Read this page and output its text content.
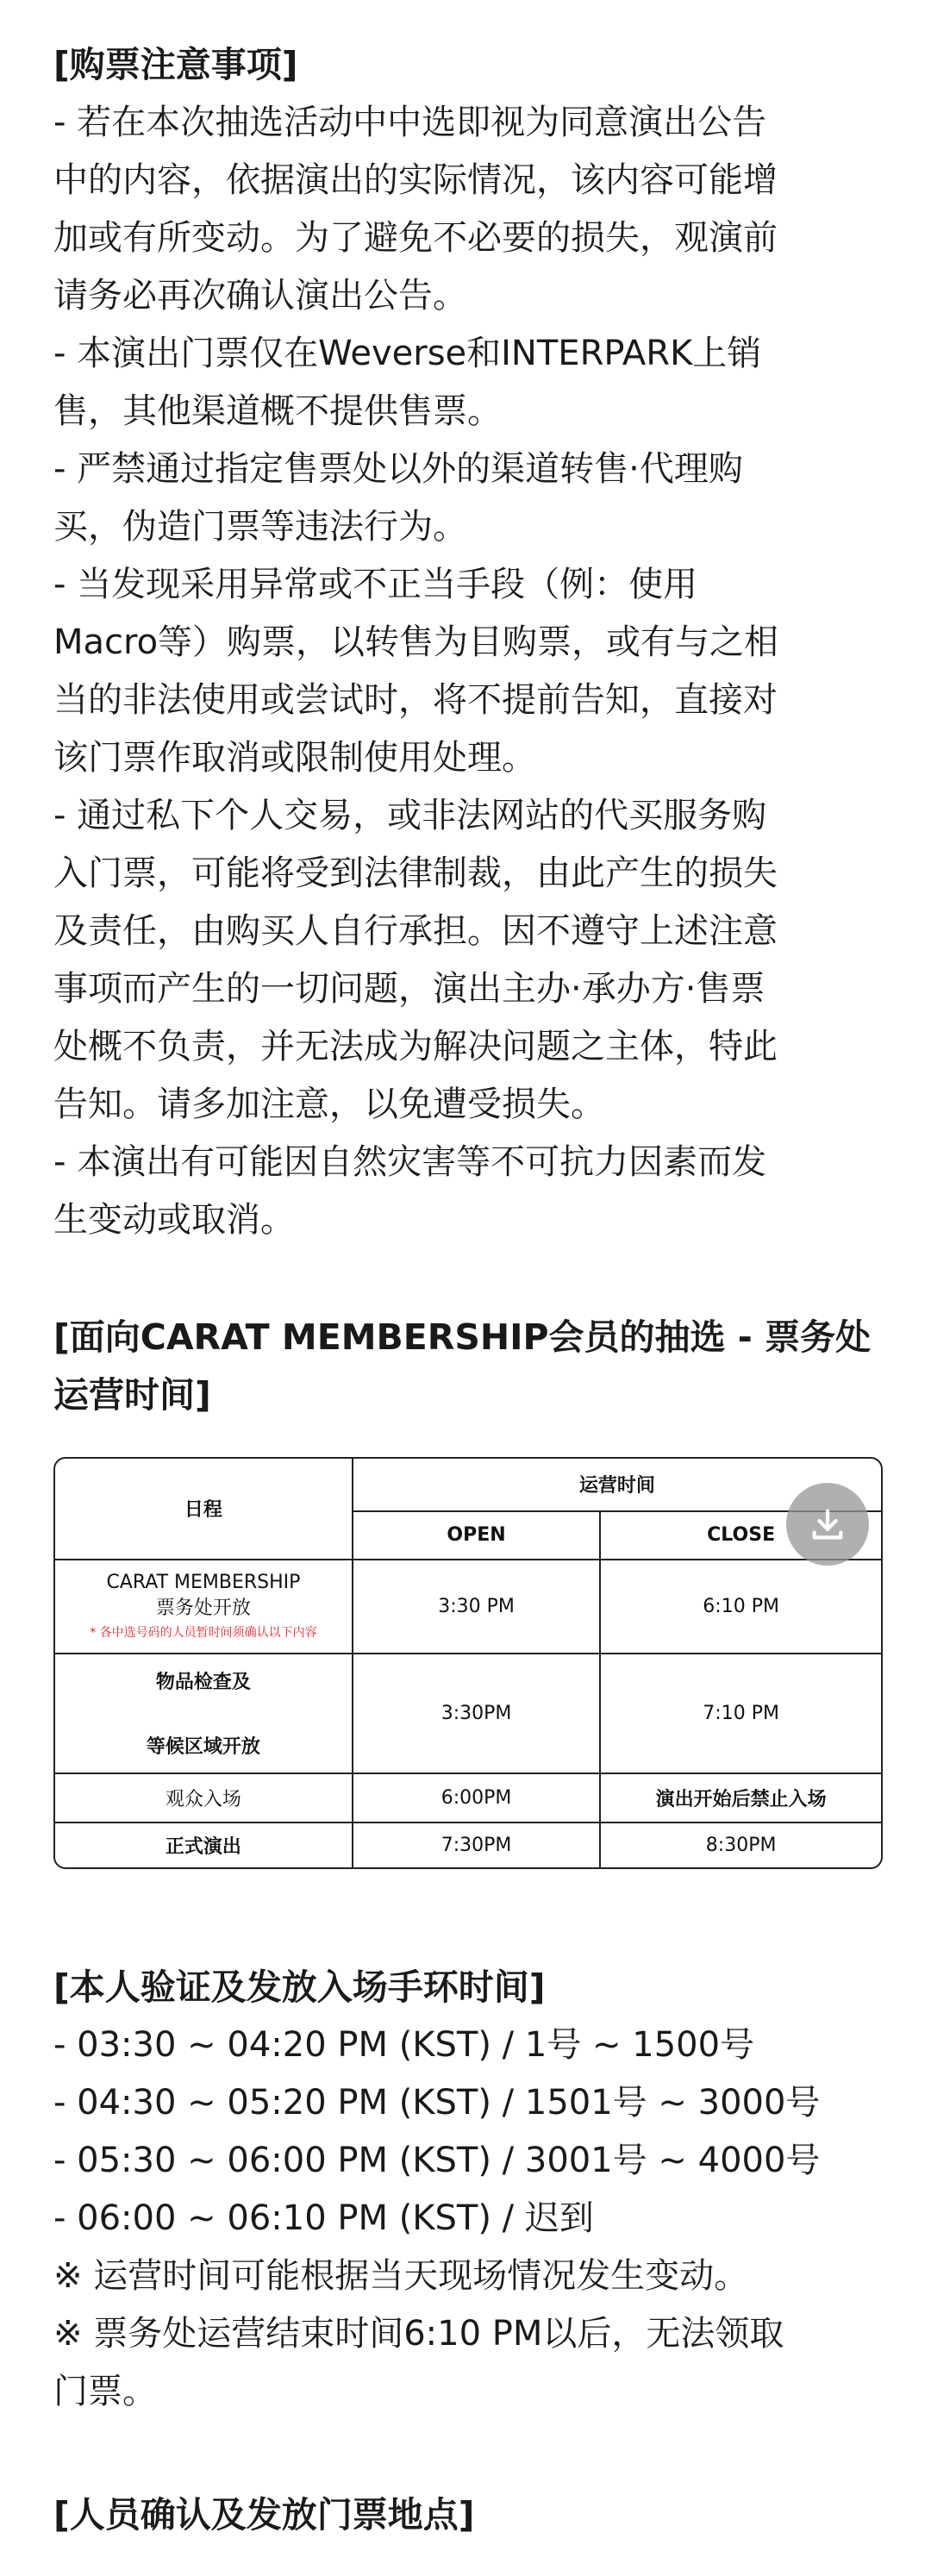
[购票注意事项]

- 若在本次抽选活动中中选即视为同意演出公告

中的内容，依据演出的实际情况，该内容可能增

加或有所变动。为了避免不必要的损失，观演前

请务必再次确认演出公告。

- 本演出门票仅在Weverse和INTERPARK上销

售，其他渠道概不提供售票。

- 严禁通过指定售票处以外的渠道转售·代理购

买，伪造门票等违法行为。

- 当发现采用异常或不正当手段（例：使用

Macro等）购票，以转售为目购票，或有与之相

当的非法使用或尝试时，将不提前告知，直接对

该门票作取消或限制使用处理。

- 通过私下个人交易，或非法网站的代买服务购

入门票，可能将受到法律制裁，由此产生的损失

及责任，由购买人自行承担。因不遵守上述注意

事项而产生的一切问题，演出主办·承办方·售票

处概不负责，并无法成为解决问题之主体，特此

告知。请多加注意，以免遭受损失。

- 本演出有可能因自然灾害等不可抗力因素而发

生变动或取消。

[面向CARAT MEMBERSHIP会员的抽选 - 票务处

运营时间]

日程	运营时间	
	OPEN	CLOSE
CARAT MEMBERSHIP
票务处开放
* 各中选号码的人员暂时间须确认以下内容	3:30 PM	6:10 PM
物品检查及
等候区域开放	3:30PM	7:10 PM
观众入场	6:00PM	演出开始后禁止入场
正式演出	7:30PM	8:30PM

[本人验证及发放入场手环时间]

- 03:30 ~ 04:20 PM (KST) / 1号 ~ 1500号

- 04:30 ~ 05:20 PM (KST) / 1501号 ~ 3000号

- 05:30 ~ 06:00 PM (KST) / 3001号 ~ 4000号

- 06:00 ~ 06:10 PM (KST) / 迟到

※ 运营时间可能根据当天现场情况发生变动。

※ 票务处运营结束时间6:10 PM以后，无法领取

门票。

[人员确认及发放门票地点]
